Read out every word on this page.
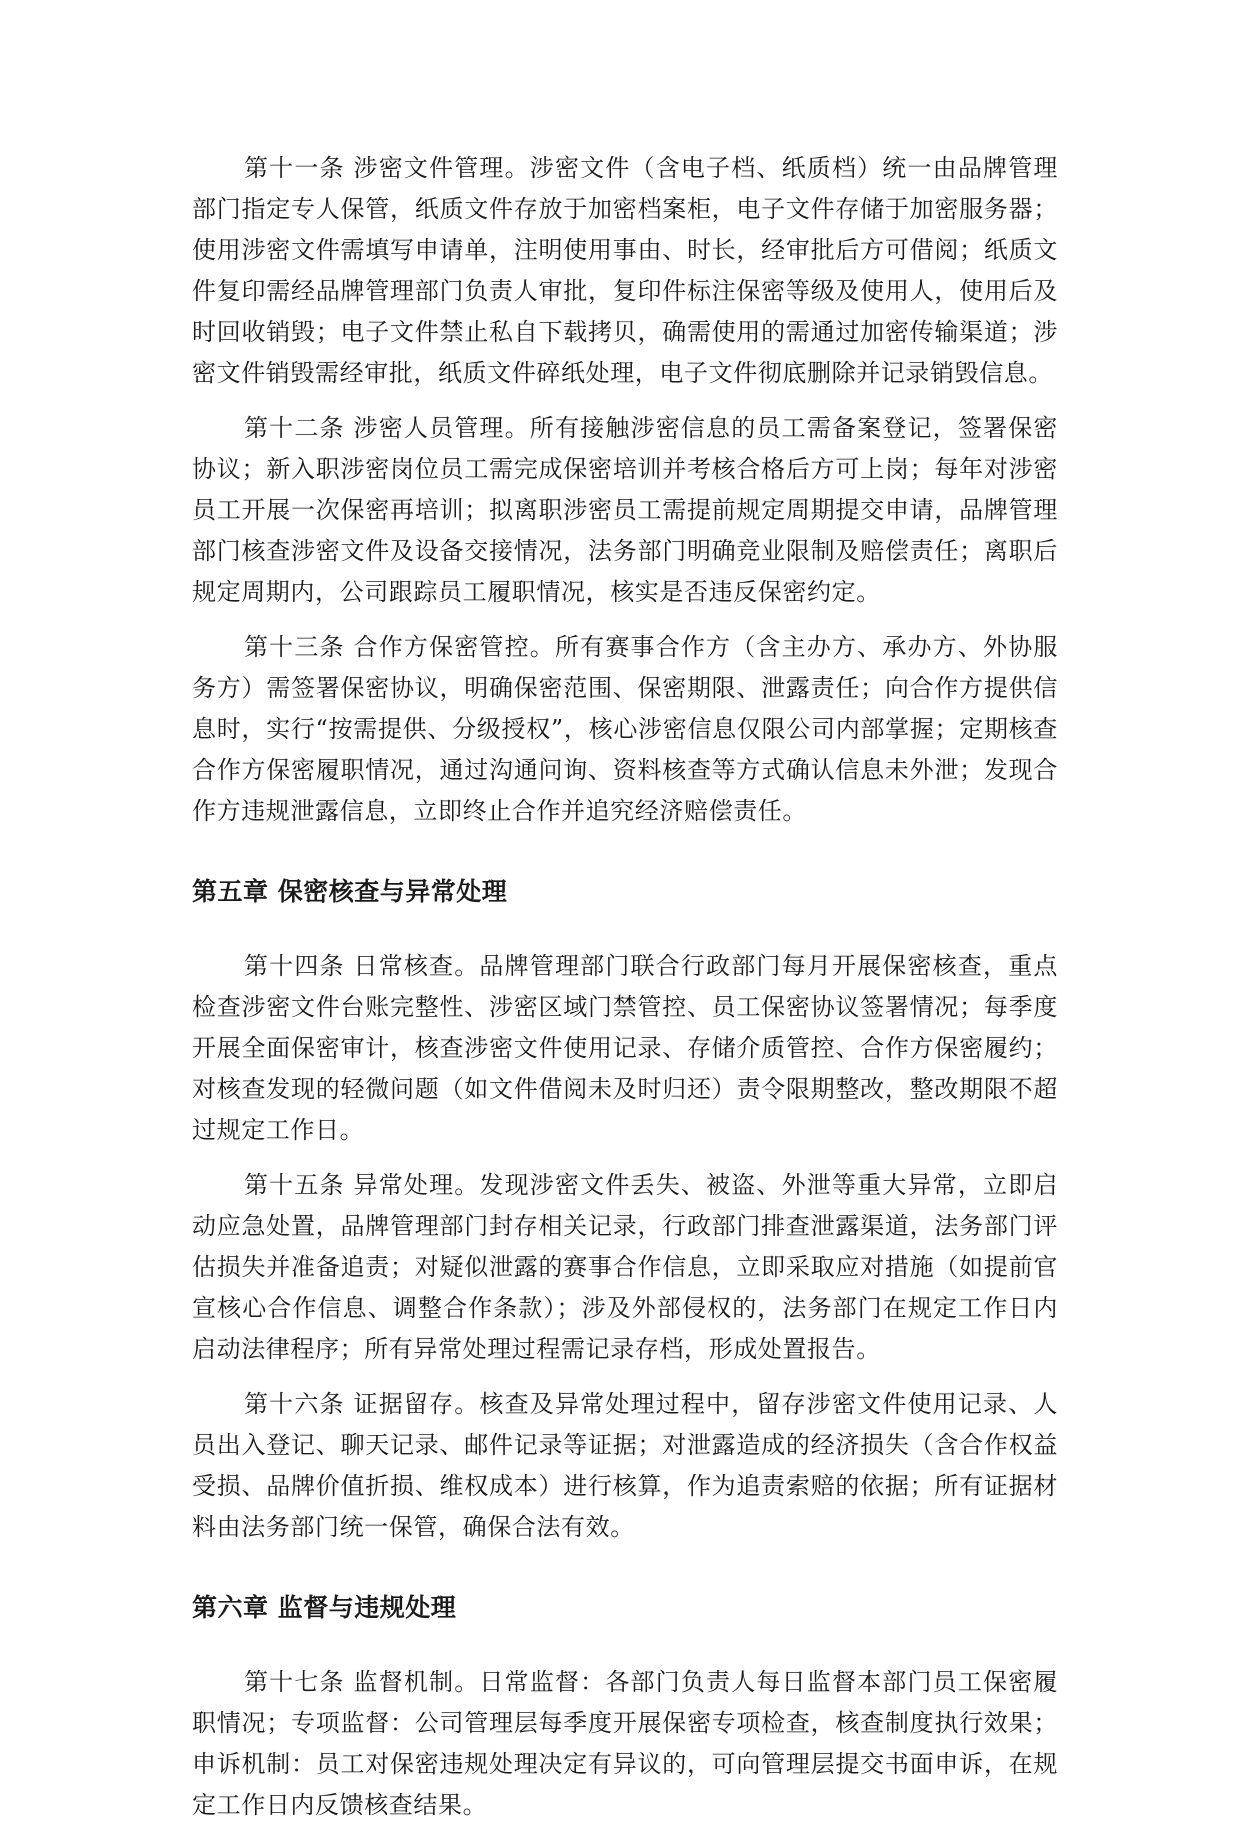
第十一条 涉密文件管理。涉密文件（含电子档、纸质档）统一由品牌管理部门指定专人保管，纸质文件存放于加密档案柜，电子文件存储于加密服务器；使用涉密文件需填写申请单，注明使用事由、时长，经审批后方可借阅；纸质文件复印需经品牌管理部门负责人审批，复印件标注保密等级及使用人，使用后及时回收销毁；电子文件禁止私自下载拷贝，确需使用的需通过加密传输渠道；涉密文件销毁需经审批，纸质文件碎纸处理，电子文件彻底删除并记录销毁信息。

第十二条 涉密人员管理。所有接触涉密信息的员工需备案登记，签署保密协议；新入职涉密岗位员工需完成保密培训并考核合格后方可上岗；每年对涉密员工开展一次保密再培训；拟离职涉密员工需提前规定周期提交申请，品牌管理部门核查涉密文件及设备交接情况，法务部门明确竞业限制及赔偿责任；离职后规定周期内，公司跟踪员工履职情况，核实是否违反保密约定。

第十三条 合作方保密管控。所有赛事合作方（含主办方、承办方、外协服务方）需签署保密协议，明确保密范围、保密期限、泄露责任；向合作方提供信息时，实行“按需提供、分级授权”，核心涉密信息仅限公司内部掌握；定期核查合作方保密履职情况，通过沟通问询、资料核查等方式确认信息未外泄；发现合作方违规泄露信息，立即终止合作并追究经济赔偿责任。

第五章 保密核查与异常处理

第十四条 日常核查。品牌管理部门联合行政部门每月开展保密核查，重点检查涉密文件台账完整性、涉密区域门禁管控、员工保密协议签署情况；每季度开展全面保密审计，核查涉密文件使用记录、存储介质管控、合作方保密履约；对核查发现的轻微问题（如文件借阅未及时归还）责令限期整改，整改期限不超过规定工作日。

第十五条 异常处理。发现涉密文件丢失、被盗、外泄等重大异常，立即启动应急处置，品牌管理部门封存相关记录，行政部门排查泄露渠道，法务部门评估损失并准备追责；对疑似泄露的赛事合作信息，立即采取应对措施（如提前官宣核心合作信息、调整合作条款）；涉及外部侵权的，法务部门在规定工作日内启动法律程序；所有异常处理过程需记录存档，形成处置报告。

第十六条 证据留存。核查及异常处理过程中，留存涉密文件使用记录、人员出入登记、聊天记录、邮件记录等证据；对泄露造成的经济损失（含合作权益受损、品牌价值折损、维权成本）进行核算，作为追责索赔的依据；所有证据材料由法务部门统一保管，确保合法有效。

第六章 监督与违规处理

第十七条 监督机制。日常监督：各部门负责人每日监督本部门员工保密履职情况；专项监督：公司管理层每季度开展保密专项检查，核查制度执行效果；申诉机制：员工对保密违规处理决定有异议的，可向管理层提交书面申诉，在规定工作日内反馈核查结果。
